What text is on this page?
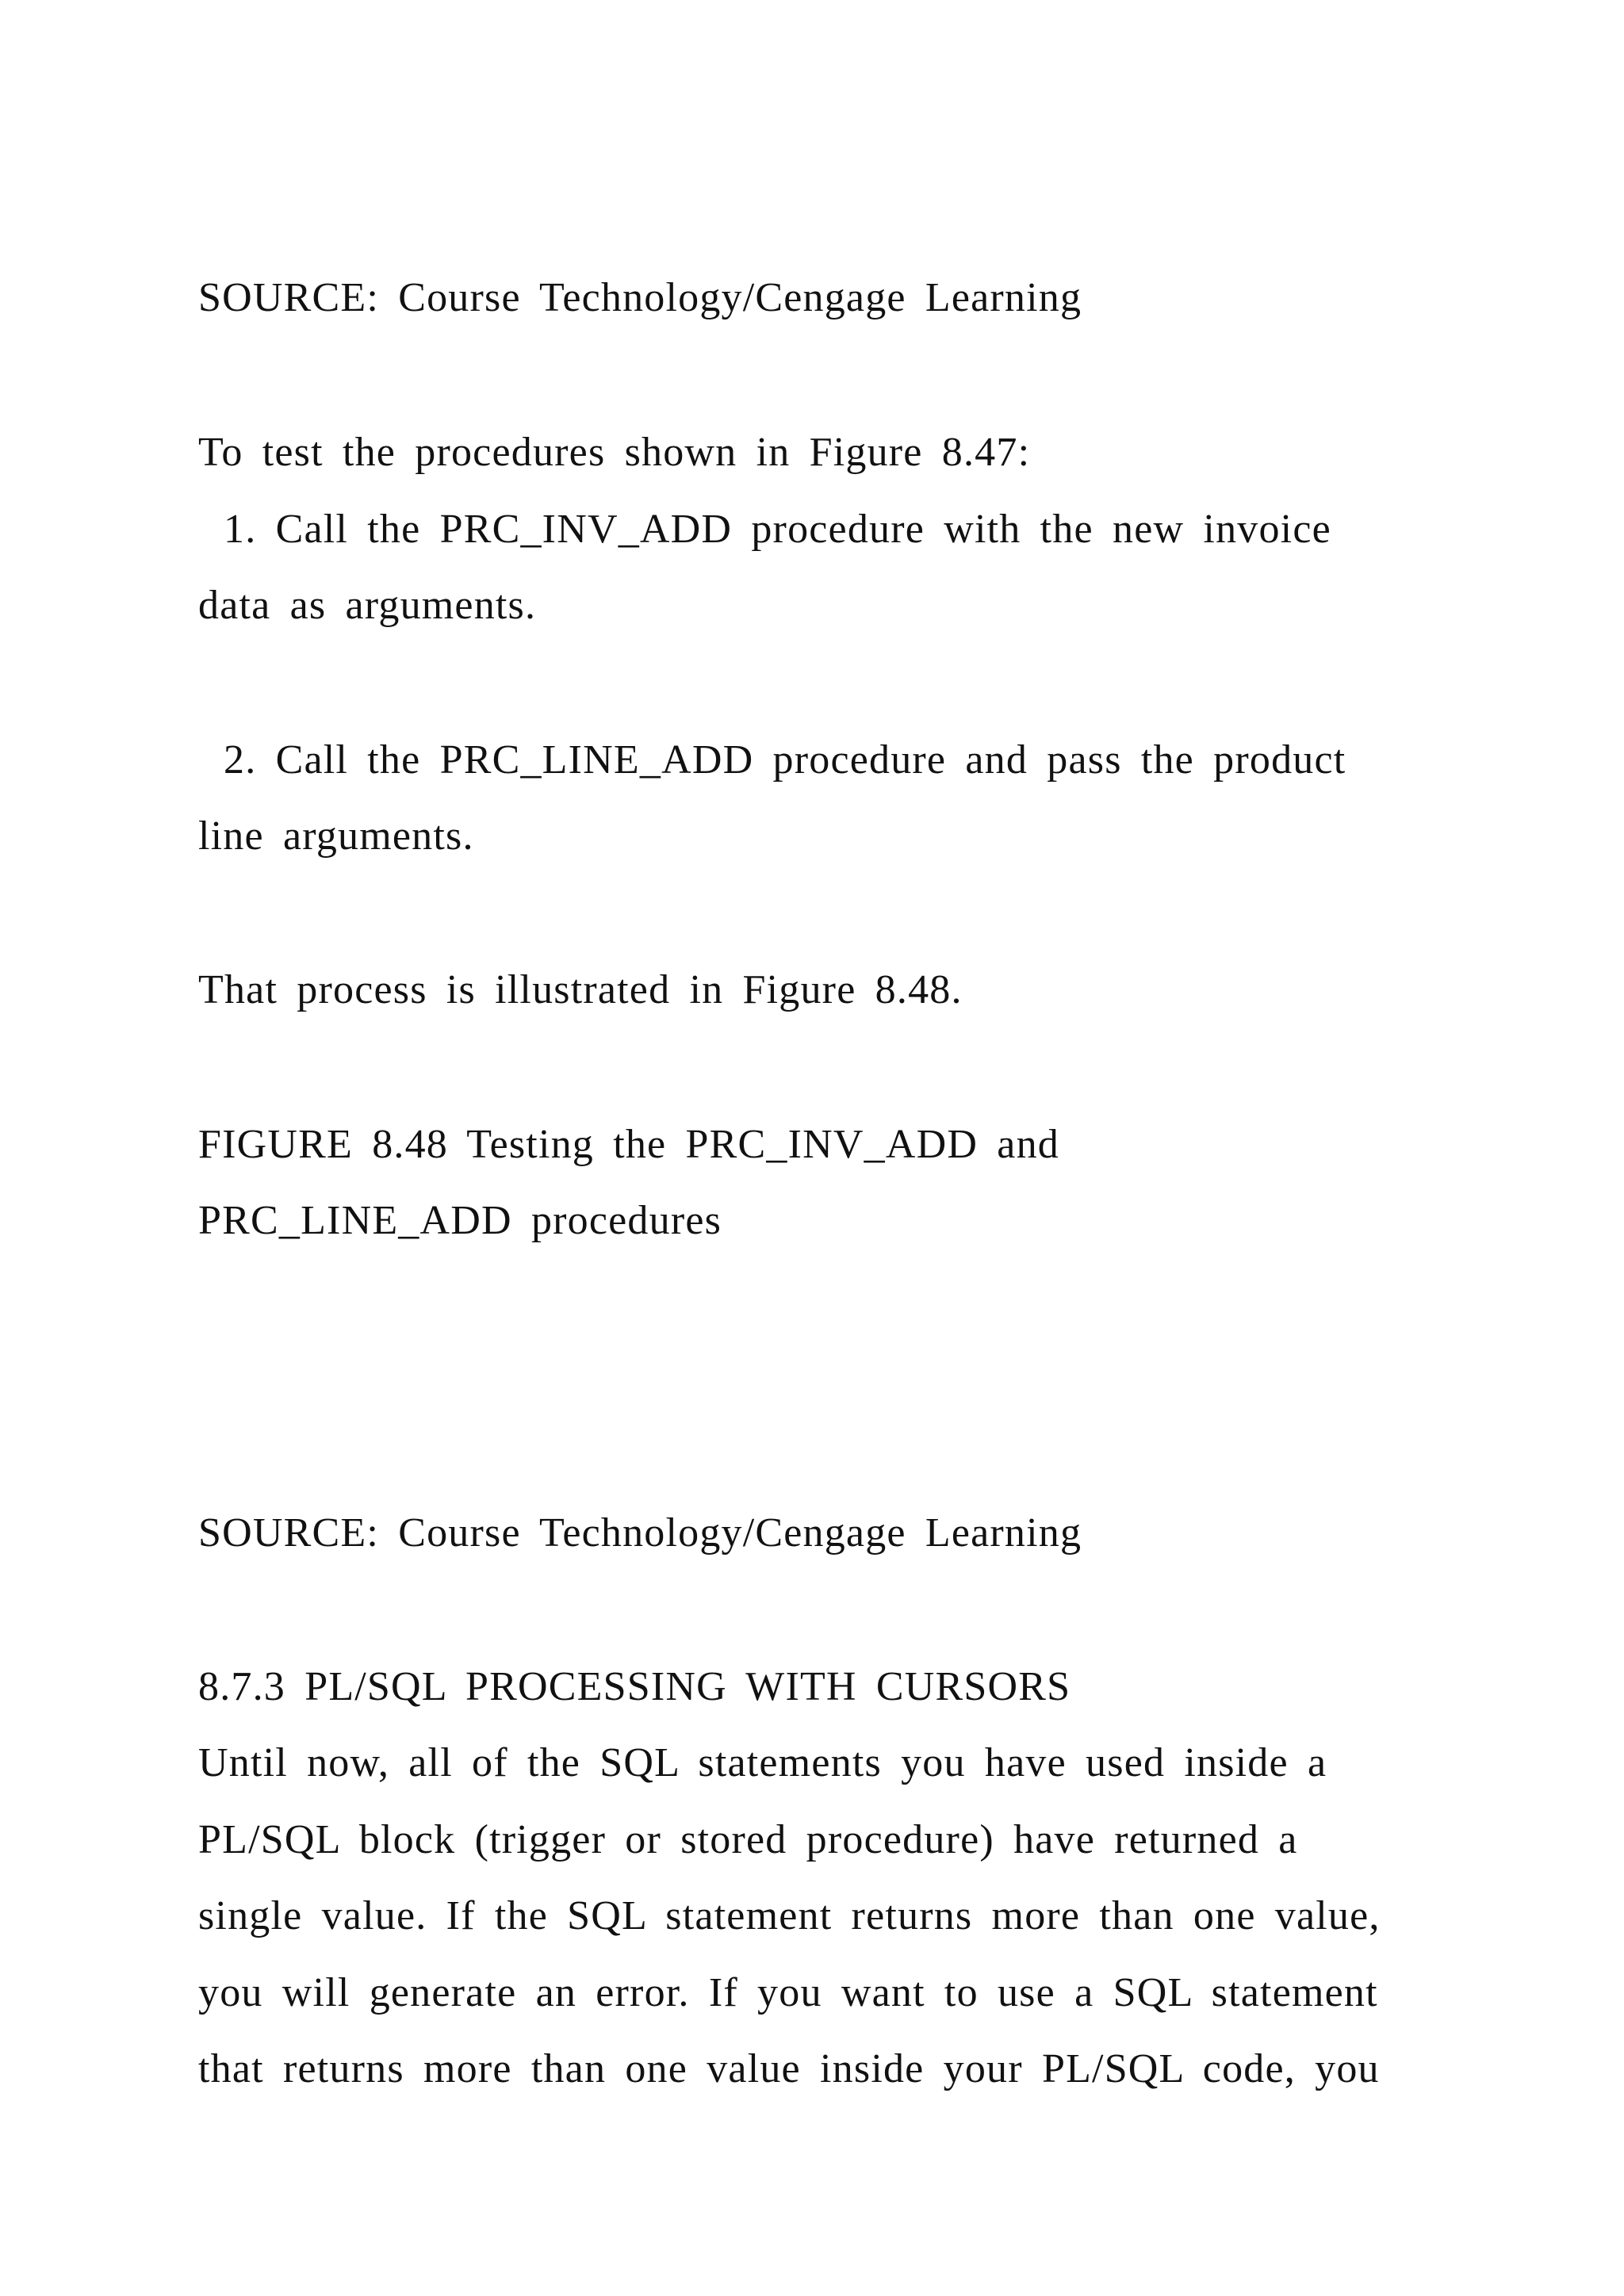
SOURCE: Course Technology/Cengage Learning
To test the procedures shown in Figure 8.47:
1. Call the PRC_INV_ADD procedure with the new invoice
data as arguments.
2. Call the PRC_LINE_ADD procedure and pass the product
line arguments.
That process is illustrated in Figure 8.48.
FIGURE 8.48 Testing the PRC_INV_ADD and
PRC_LINE_ADD procedures
SOURCE: Course Technology/Cengage Learning
8.7.3 PL/SQL PROCESSING WITH CURSORS
Until now, all of the SQL statements you have used inside a
PL/SQL block (trigger or stored procedure) have returned a
single value. If the SQL statement returns more than one value,
you will generate an error. If you want to use a SQL statement
that returns more than one value inside your PL/SQL code, you
